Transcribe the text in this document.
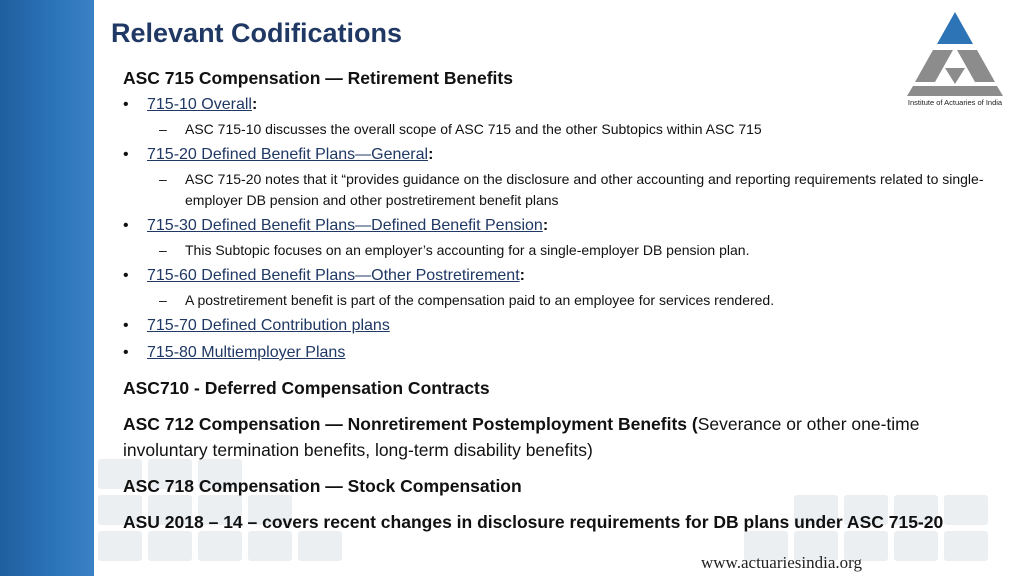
Relevant Codifications
Institute of Actuaries of India
ASC 715 Compensation — Retirement Benefits
• 715-10 Overall:
– ASC 715-10 discusses the overall scope of ASC 715 and the other Subtopics within ASC 715
• 715-20 Defined Benefit Plans—General:
– ASC 715-20 notes that it “provides guidance on the disclosure and other accounting and reporting requirements related to single-employer DB pension and other postretirement benefit plans
• 715-30 Defined Benefit Plans—Defined Benefit Pension:
– This Subtopic focuses on an employer’s accounting for a single-employer DB pension plan.
• 715-60 Defined Benefit Plans—Other Postretirement:
– A postretirement benefit is part of the compensation paid to an employee for services rendered.
• 715-70 Defined Contribution plans
• 715-80 Multiemployer Plans
ASC710 - Deferred Compensation Contracts
ASC 712 Compensation — Nonretirement Postemployment Benefits (Severance or other one-time involuntary termination benefits, long-term disability benefits)
ASC 718 Compensation — Stock Compensation
ASU 2018 – 14 – covers recent changes in disclosure requirements for DB plans under ASC 715-20
www.actuariesindia.org
